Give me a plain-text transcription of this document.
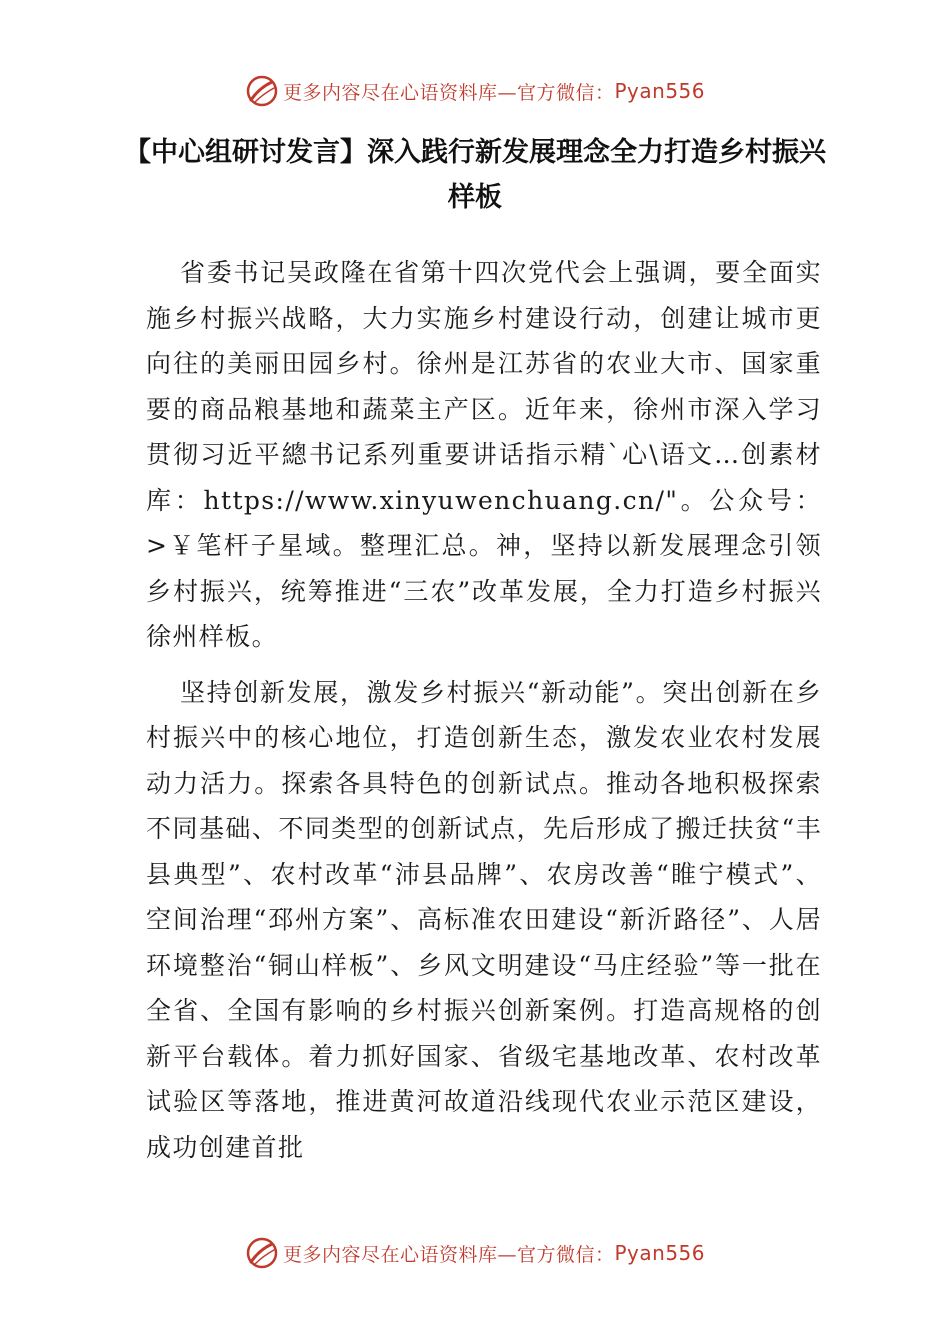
更多内容尽在心语资料库—官方微信： Pyan556
【中心组研讨发言】深入践行新发展理念全力打造乡村振兴样板

省委书记吴政隆在省第十四次党代会上强调，要全面实施乡村振兴战略，大力实施乡村建设行动，创建让城市更向往的美丽田园乡村。徐州是江苏省的农业大市、国家重要的商品粮基地和蔬菜主产区。近年来，徐州市深入学习贯彻习近平總书记系列重要讲话指示精`心\语文…创素材库：https://www.xinyuwenchuang.cn/"。公众号：>￥笔杆子星域。整理汇总。神，坚持以新发展理念引领乡村振兴，统筹推进“三农”改革发展，全力打造乡村振兴徐州样板。

坚持创新发展，激发乡村振兴“新动能”。突出创新在乡村振兴中的核心地位，打造创新生态，激发农业农村发展动力活力。探索各具特色的创新试点。推动各地积极探索不同基础、不同类型的创新试点，先后形成了搬迁扶贫“丰县典型”、农村改革“沛县品牌”、农房改善“睢宁模式”、空间治理“邳州方案”、高标准农田建设“新沂路径”、人居环境整治“铜山样板”、乡风文明建设“马庄经验”等一批在全省、全国有影响的乡村振兴创新案例。打造高规格的创新平台载体。着力抓好国家、省级宅基地改革、农村改革试验区等落地，推进黄河故道沿线现代农业示范区建设，成功创建首批

更多内容尽在心语资料库—官方微信： Pyan556
